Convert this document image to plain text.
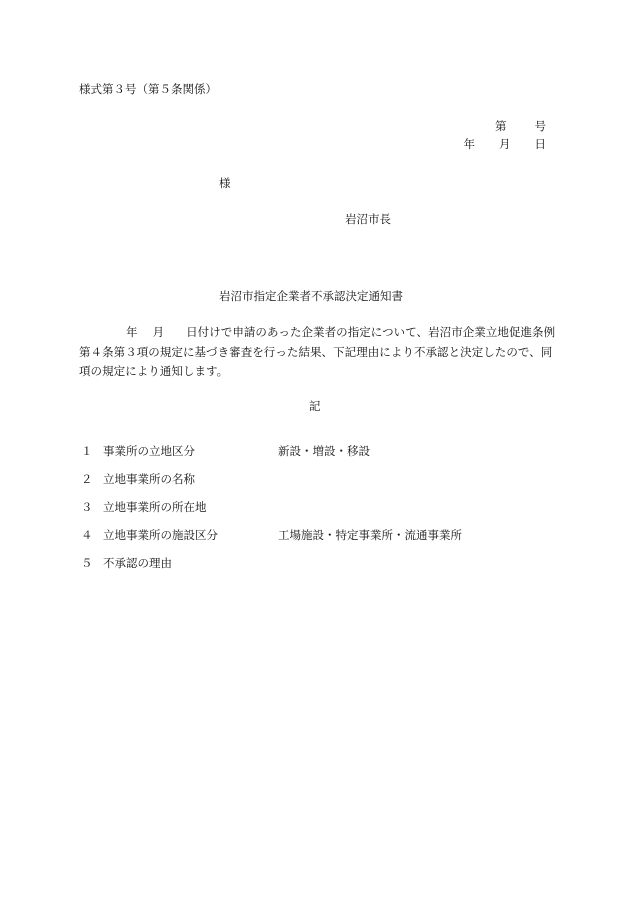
様式第３号（第５条関係）
第 号
年 月 日
様
岩沼市長
岩沼市指定企業者不承認決定通知書
年 月 日付けで申請のあった企業者の指定について、岩沼市企業立地促進条例第４条第３項の規定に基づき審査を行った結果、下記理由により不承認と決定したので、同項の規定により通知します。
記
１ 事業所の立地区分	新設・増設・移設
２ 立地事業所の名称
３ 立地事業所の所在地
４ 立地事業所の施設区分	工場施設・特定事業所・流通事業所
５ 不承認の理由
